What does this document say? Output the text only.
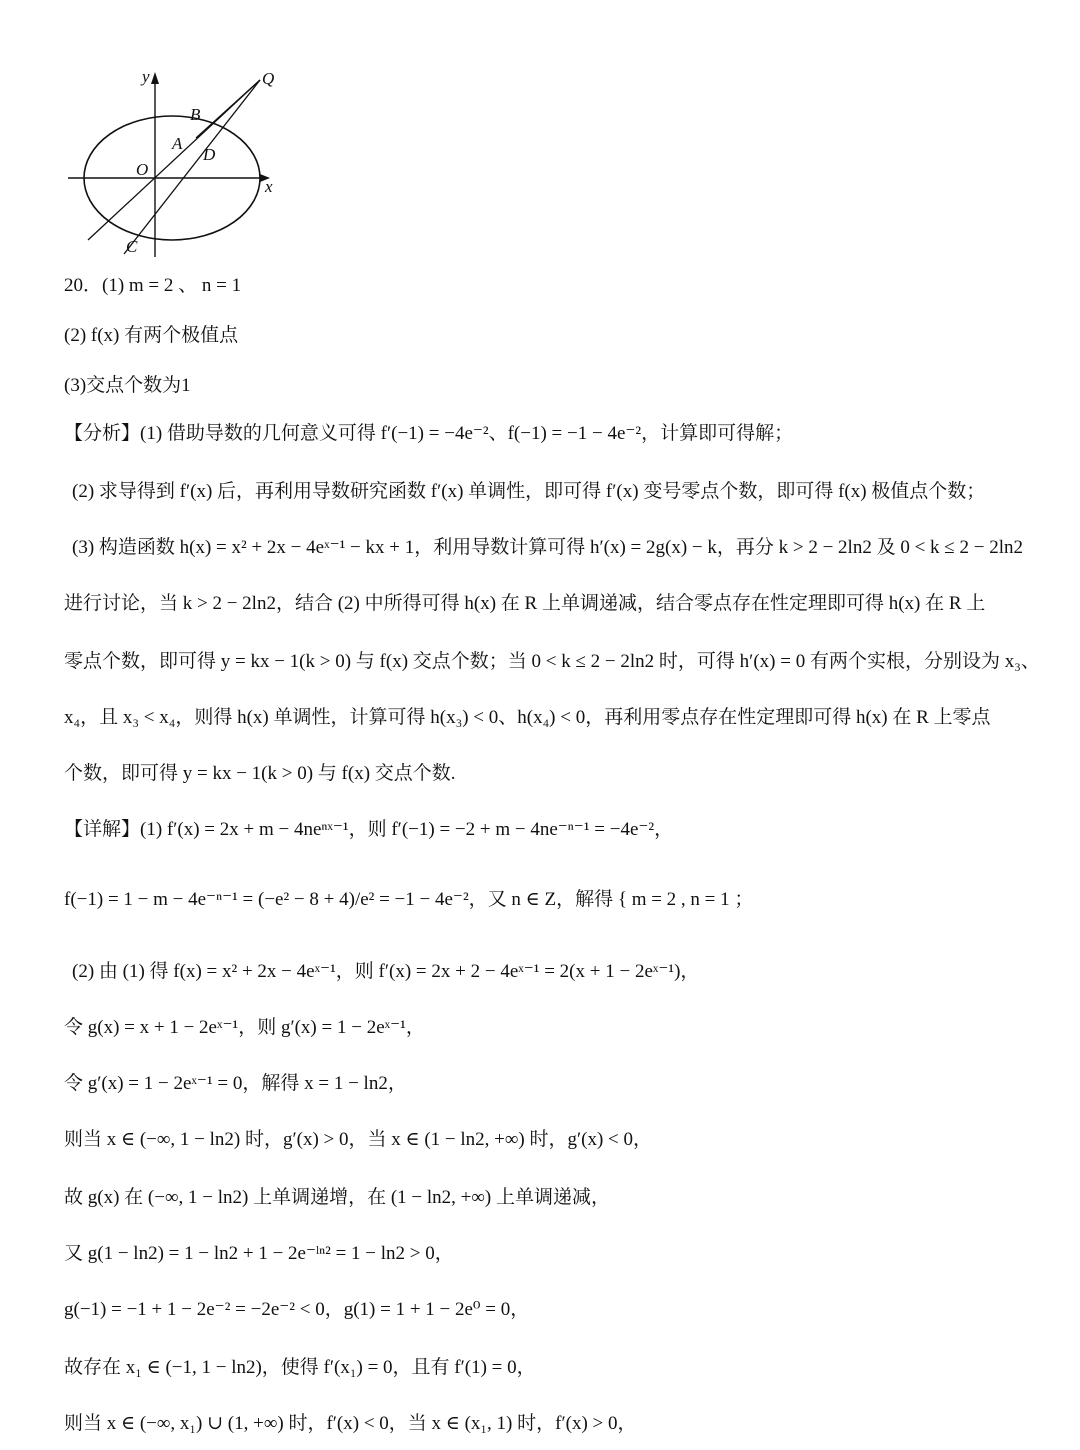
y
x
Q
B
A
D
O
C
20．(1) m = 2 、 n = 1
(2) f(x) 有两个极值点
(3)交点个数为1
【分析】(1) 借助导数的几何意义可得 f′(−1) = −4e⁻²、f(−1) = −1 − 4e⁻²，计算即可得解；
(2) 求导得到 f′(x) 后，再利用导数研究函数 f′(x) 单调性，即可得 f′(x) 变号零点个数，即可得 f(x) 极值点个数；
(3) 构造函数 h(x) = x² + 2x − 4eˣ⁻¹ − kx + 1，利用导数计算可得 h′(x) = 2g(x) − k，再分 k > 2 − 2ln2 及 0 < k ≤ 2 − 2ln2
进行讨论，当 k > 2 − 2ln2，结合 (2) 中所得可得 h(x) 在 R 上单调递减，结合零点存在性定理即可得 h(x) 在 R 上
零点个数，即可得 y = kx − 1(k > 0) 与 f(x) 交点个数；当 0 < k ≤ 2 − 2ln2 时，可得 h′(x) = 0 有两个实根，分别设为 x₃、
x₄，且 x₃ < x₄，则得 h(x) 单调性，计算可得 h(x₃) < 0、h(x₄) < 0，再利用零点存在性定理即可得 h(x) 在 R 上零点
个数，即可得 y = kx − 1(k > 0) 与 f(x) 交点个数.
【详解】(1) f′(x) = 2x + m − 4neⁿˣ⁻¹，则 f′(−1) = −2 + m − 4ne⁻ⁿ⁻¹ = −4e⁻²，
f(−1) = 1 − m − 4e⁻ⁿ⁻¹ = (−e² − 8 + 4)/e² = −1 − 4e⁻²，又 n ∈ Z，解得 { m = 2 , n = 1 ；
(2) 由 (1) 得 f(x) = x² + 2x − 4eˣ⁻¹，则 f′(x) = 2x + 2 − 4eˣ⁻¹ = 2(x + 1 − 2eˣ⁻¹)，
令 g(x) = x + 1 − 2eˣ⁻¹，则 g′(x) = 1 − 2eˣ⁻¹，
令 g′(x) = 1 − 2eˣ⁻¹ = 0，解得 x = 1 − ln2，
则当 x ∈ (−∞, 1 − ln2) 时，g′(x) > 0，当 x ∈ (1 − ln2, +∞) 时，g′(x) < 0，
故 g(x) 在 (−∞, 1 − ln2) 上单调递增，在 (1 − ln2, +∞) 上单调递减，
又 g(1 − ln2) = 1 − ln2 + 1 − 2e⁻ˡⁿ² = 1 − ln2 > 0，
g(−1) = −1 + 1 − 2e⁻² = −2e⁻² < 0，g(1) = 1 + 1 − 2e⁰ = 0，
故存在 x₁ ∈ (−1, 1 − ln2)，使得 f′(x₁) = 0，且有 f′(1) = 0，
则当 x ∈ (−∞, x₁) ∪ (1, +∞) 时，f′(x) < 0，当 x ∈ (x₁, 1) 时，f′(x) > 0，
